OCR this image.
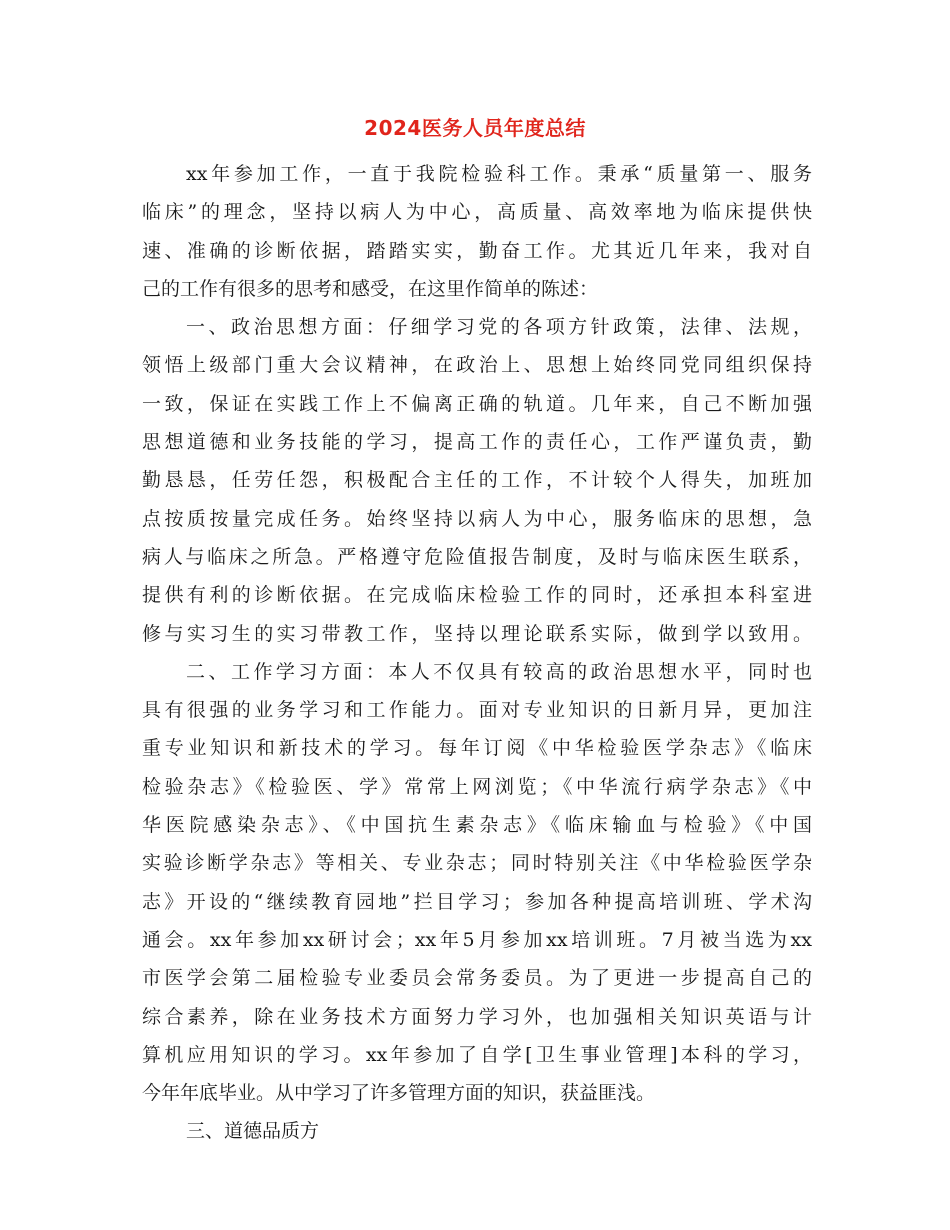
2024医务人员年度总结
xx年参加工作，一直于我院检验科工作。秉承“质量第一、服务
临床”的理念，坚持以病人为中心，高质量、高效率地为临床提供快
速、准确的诊断依据，踏踏实实，勤奋工作。尤其近几年来，我对自
己的工作有很多的思考和感受，在这里作简单的陈述：
一、政治思想方面：仔细学习党的各项方针政策，法律、法规，
领悟上级部门重大会议精神，在政治上、思想上始终同党同组织保持
一致，保证在实践工作上不偏离正确的轨道。几年来，自己不断加强
思想道德和业务技能的学习，提高工作的责任心，工作严谨负责，勤
勤恳恳，任劳任怨，积极配合主任的工作，不计较个人得失，加班加
点按质按量完成任务。始终坚持以病人为中心，服务临床的思想，急
病人与临床之所急。严格遵守危险值报告制度，及时与临床医生联系，
提供有利的诊断依据。在完成临床检验工作的同时，还承担本科室进
修与实习生的实习带教工作，坚持以理论联系实际，做到学以致用。
二、工作学习方面：本人不仅具有较高的政治思想水平，同时也
具有很强的业务学习和工作能力。面对专业知识的日新月异，更加注
重专业知识和新技术的学习。每年订阅《中华检验医学杂志》《临床
检验杂志》《检验医、学》常常上网浏览；《中华流行病学杂志》《中
华医院感染杂志》、《中国抗生素杂志》《临床输血与检验》《中国
实验诊断学杂志》等相关、专业杂志；同时特别关注《中华检验医学杂
志》开设的“继续教育园地”拦目学习；参加各种提高培训班、学术沟
通会。xx年参加xx研讨会；xx年5月参加xx培训班。7月被当选为xx
市医学会第二届检验专业委员会常务委员。为了更进一步提高自己的
综合素养，除在业务技术方面努力学习外，也加强相关知识英语与计
算机应用知识的学习。xx年参加了自学[卫生事业管理]本科的学习，
今年年底毕业。从中学习了许多管理方面的知识，获益匪浅。
三、道德品质方
